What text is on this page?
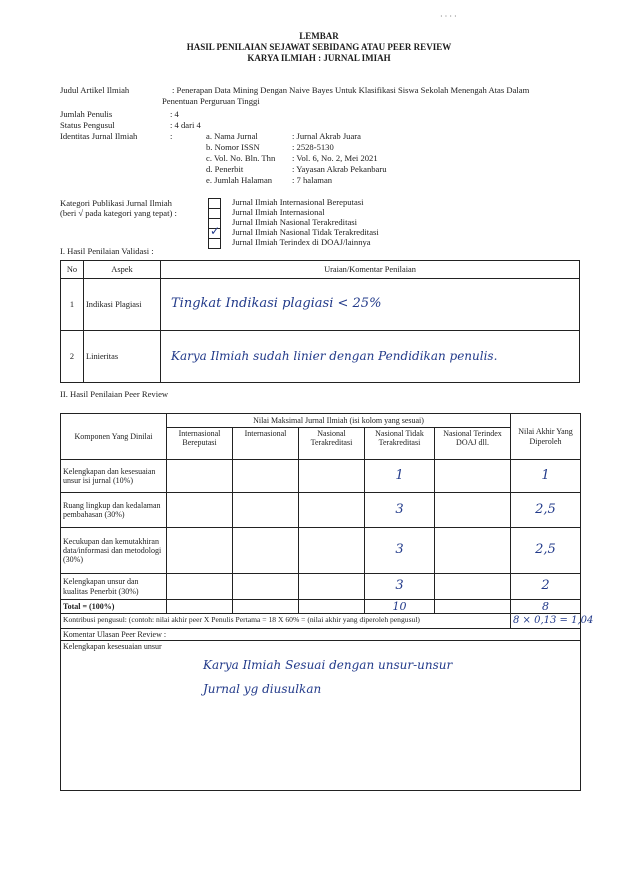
· · · ·
LEMBAR
HASIL PENILAIAN SEJAWAT SEBIDANG ATAU PEER REVIEW
KARYA ILMIAH : JURNAL IMIAH
Judul Artikel Ilmiah	: Penerapan Data Mining Dengan Naive Bayes Untuk Klasifikasi Siswa Sekolah Menengah Atas Dalam
Penentuan Perguruan Tinggi
Jumlah Penulis	: 4
Status Pengusul	: 4 dari 4
Identitas Jurnal Ilmiah	:	a. Nama Jurnal	: Jurnal Akrab Juara
b. Nomor ISSN	: 2528-5130
c. Vol. No. Bln. Thn : Vol. 6, No. 2, Mei 2021
d. Penerbit	: Yayasan Akrab Pekanbaru
e. Jumlah Halaman : 7 halaman
Kategori Publikasi Jurnal Ilmiah
(beri √ pada kategori yang tepat) :
✓
Jurnal Ilmiah Internasional Bereputasi
Jurnal Ilmiah Internasional
Jurnal Ilmiah Nasional Terakreditasi
Jurnal Ilmiah Nasional Tidak Terakreditasi
Jurnal Ilmiah Terindex di DOAJ/lainnya
I. Hasil Penilaian Validasi :
No	Aspek	Uraian/Komentar Penilaian
1	Indikasi Plagiasi	Tingkat Indikasi plagiasi < 25%
2	Linieritas	Karya Ilmiah sudah linier dengan Pendidikan penulis.
II. Hasil Penilaian Peer Review
Komponen Yang Dinilai	Nilai Maksimal Jurnal Ilmiah (isi kolom yang sesuai)					Nilai Akhir Yang Diperoleh
	Internasional Bereputasi	Internasional	Nasional Terakreditasi	Nasional Tidak Terakreditasi	Nasional Terindex DOAJ dll.	
Kelengkapan dan kesesuaian unsur isi jurnal (10%)				1		1
Ruang lingkup dan kedalaman pembahasan (30%)				3		2,5
Kecukupan dan kemutakhiran data/informasi dan metodologi (30%)				3		2,5
Kelengkapan unsur dan kualitas Penerbit (30%)				3		2
Total = (100%)				10		8
Kontribusi pengusul: (contoh: nilai akhir peer X Penulis Pertama = 18 X 60% = (nilai akhir yang diperoleh pengusul)						8 × 0,13 = 1,04
Komentar Ulasan Peer Review :						

Kelengkapan kesesuaian unsur
Karya Ilmiah Sesuai dengan unsur-unsur
Jurnal yg diusulkan						
